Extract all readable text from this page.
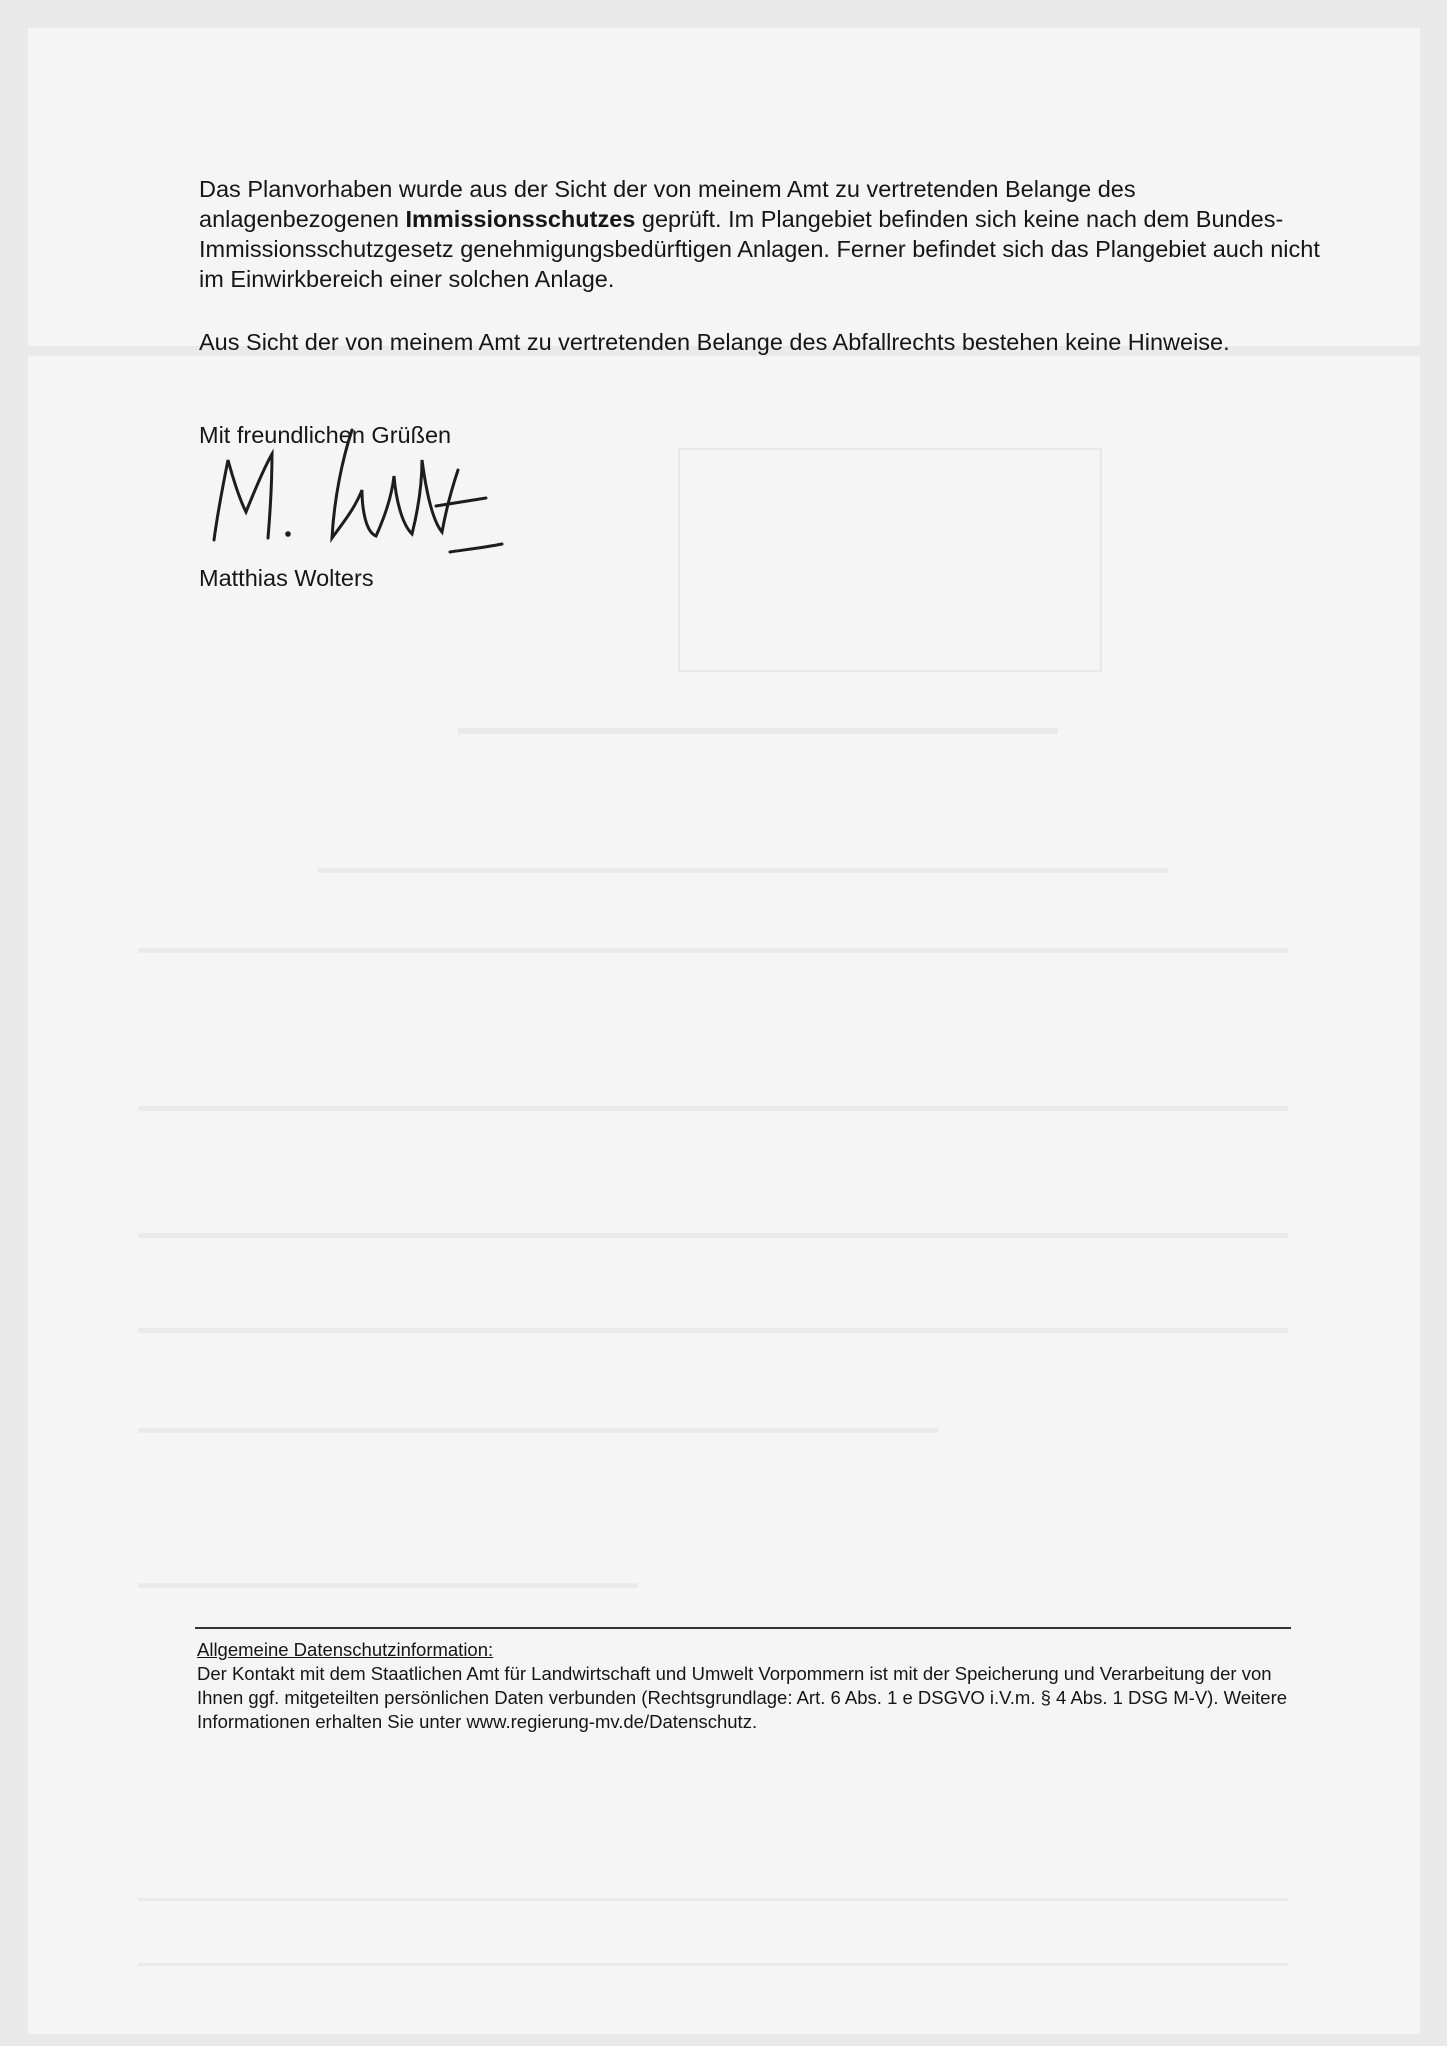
Das Planvorhaben wurde aus der Sicht der von meinem Amt zu vertretenden Belange des anlagenbezogenen Immissionsschutzes geprüft. Im Plangebiet befinden sich keine nach dem Bundes-Immissionsschutzgesetz genehmigungsbedürftigen Anlagen. Ferner befindet sich das Plangebiet auch nicht im Einwirkbereich einer solchen Anlage.
Aus Sicht der von meinem Amt zu vertretenden Belange des Abfallrechts bestehen keine Hinweise.
Mit freundlichen Grüßen
Matthias Wolters
Allgemeine Datenschutzinformation:
Der Kontakt mit dem Staatlichen Amt für Landwirtschaft und Umwelt Vorpommern ist mit der Speicherung und Verarbeitung der von Ihnen ggf. mitgeteilten persönlichen Daten verbunden (Rechtsgrundlage: Art. 6 Abs. 1 e DSGVO i.V.m. § 4 Abs. 1 DSG M-V). Weitere Informationen erhalten Sie unter www.regierung-mv.de/Datenschutz.
